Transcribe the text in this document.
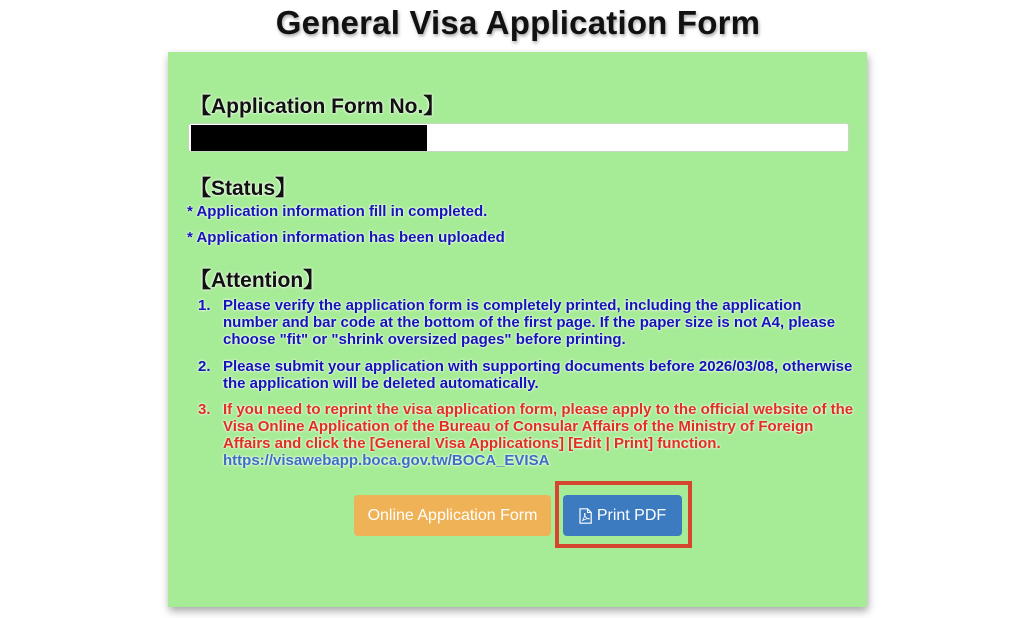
General Visa Application Form
【Application Form No.】
【Status】
* Application information fill in completed.
* Application information has been uploaded
【Attention】
1. Please verify the application form is completely printed, including the application number and bar code at the bottom of the first page. If the paper size is not A4, please choose "fit" or "shrink oversized pages" before printing.
2. Please submit your application with supporting documents before 2026/03/08, otherwise the application will be deleted automatically.
3. If you need to reprint the visa application form, please apply to the official website of the Visa Online Application of the Bureau of Consular Affairs of the Ministry of Foreign Affairs and click the [General Visa Applications] [Edit | Print] function. https://visawebapp.boca.gov.tw/BOCA_EVISA
Online Application Form	Print PDF
